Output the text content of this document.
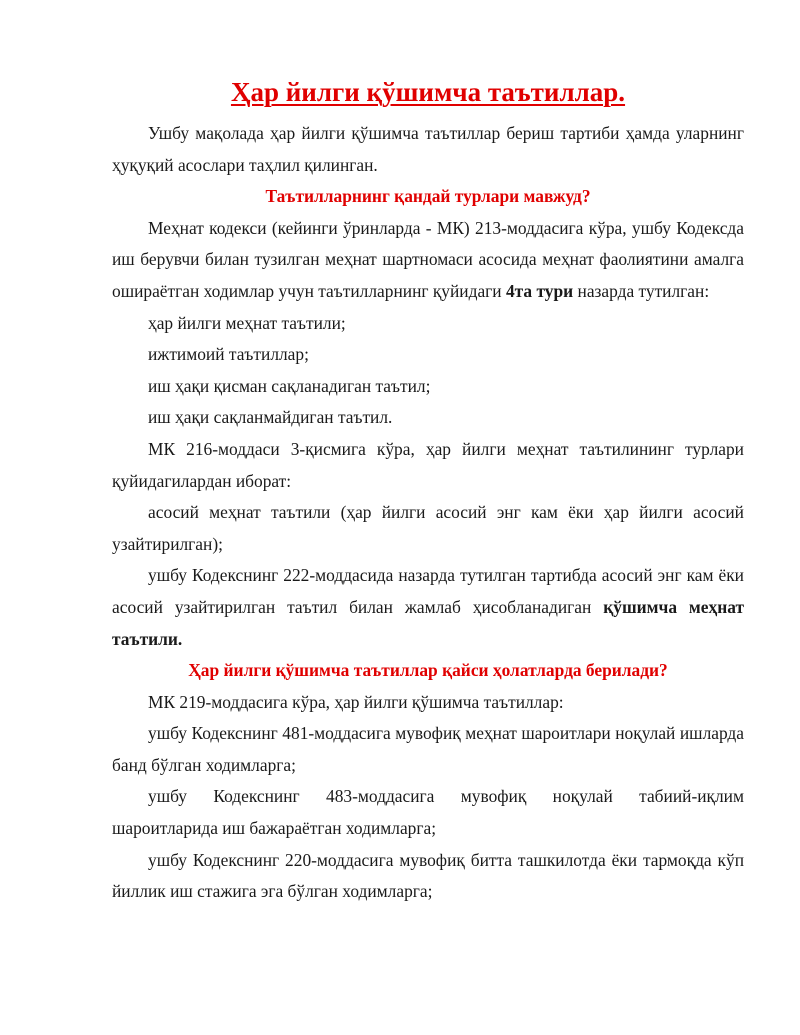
Ҳар йилги қўшимча таътиллар.

Ушбу мақолада ҳар йилги қўшимча таътиллар бериш тартиби ҳамда уларнинг ҳуқуқий асослари таҳлил қилинган.

Таътилларнинг қандай турлари мавжуд?

Меҳнат кодекси (кейинги ўринларда - МК) 213-моддасига кўра, ушбу Кодексда иш берувчи билан тузилган меҳнат шартномаси асосида меҳнат фаолиятини амалга ошираётган ходимлар учун таътилларнинг қуйидаги 4та тури назарда тутилган:

ҳар йилги меҳнат таътили;

ижтимоий таътиллар;

иш ҳақи қисман сақланадиган таътил;

иш ҳақи сақланмайдиган таътил.

МК 216-моддаси 3-қисмига кўра, ҳар йилги меҳнат таътилининг турлари қуйидагилардан иборат:

асосий меҳнат таътили (ҳар йилги асосий энг кам ёки ҳар йилги асосий узайтирилган);

ушбу Кодекснинг 222-моддасида назарда тутилган тартибда асосий энг кам ёки асосий узайтирилган таътил билан жамлаб ҳисобланадиган қўшимча меҳнат таътили.

Ҳар йилги қўшимча таътиллар қайси ҳолатларда берилади?

МК 219-моддасига кўра, ҳар йилги қўшимча таътиллар:

ушбу Кодекснинг 481-моддасига мувофиқ меҳнат шароитлари ноқулай ишларда банд бўлган ходимларга;

ушбу Кодекснинг 483-моддасига мувофиқ ноқулай табиий-иқлим шароитларида иш бажараётган ходимларга;

ушбу Кодекснинг 220-моддасига мувофиқ битта ташкилотда ёки тармоқда кўп йиллик иш стажига эга бўлган ходимларга;
